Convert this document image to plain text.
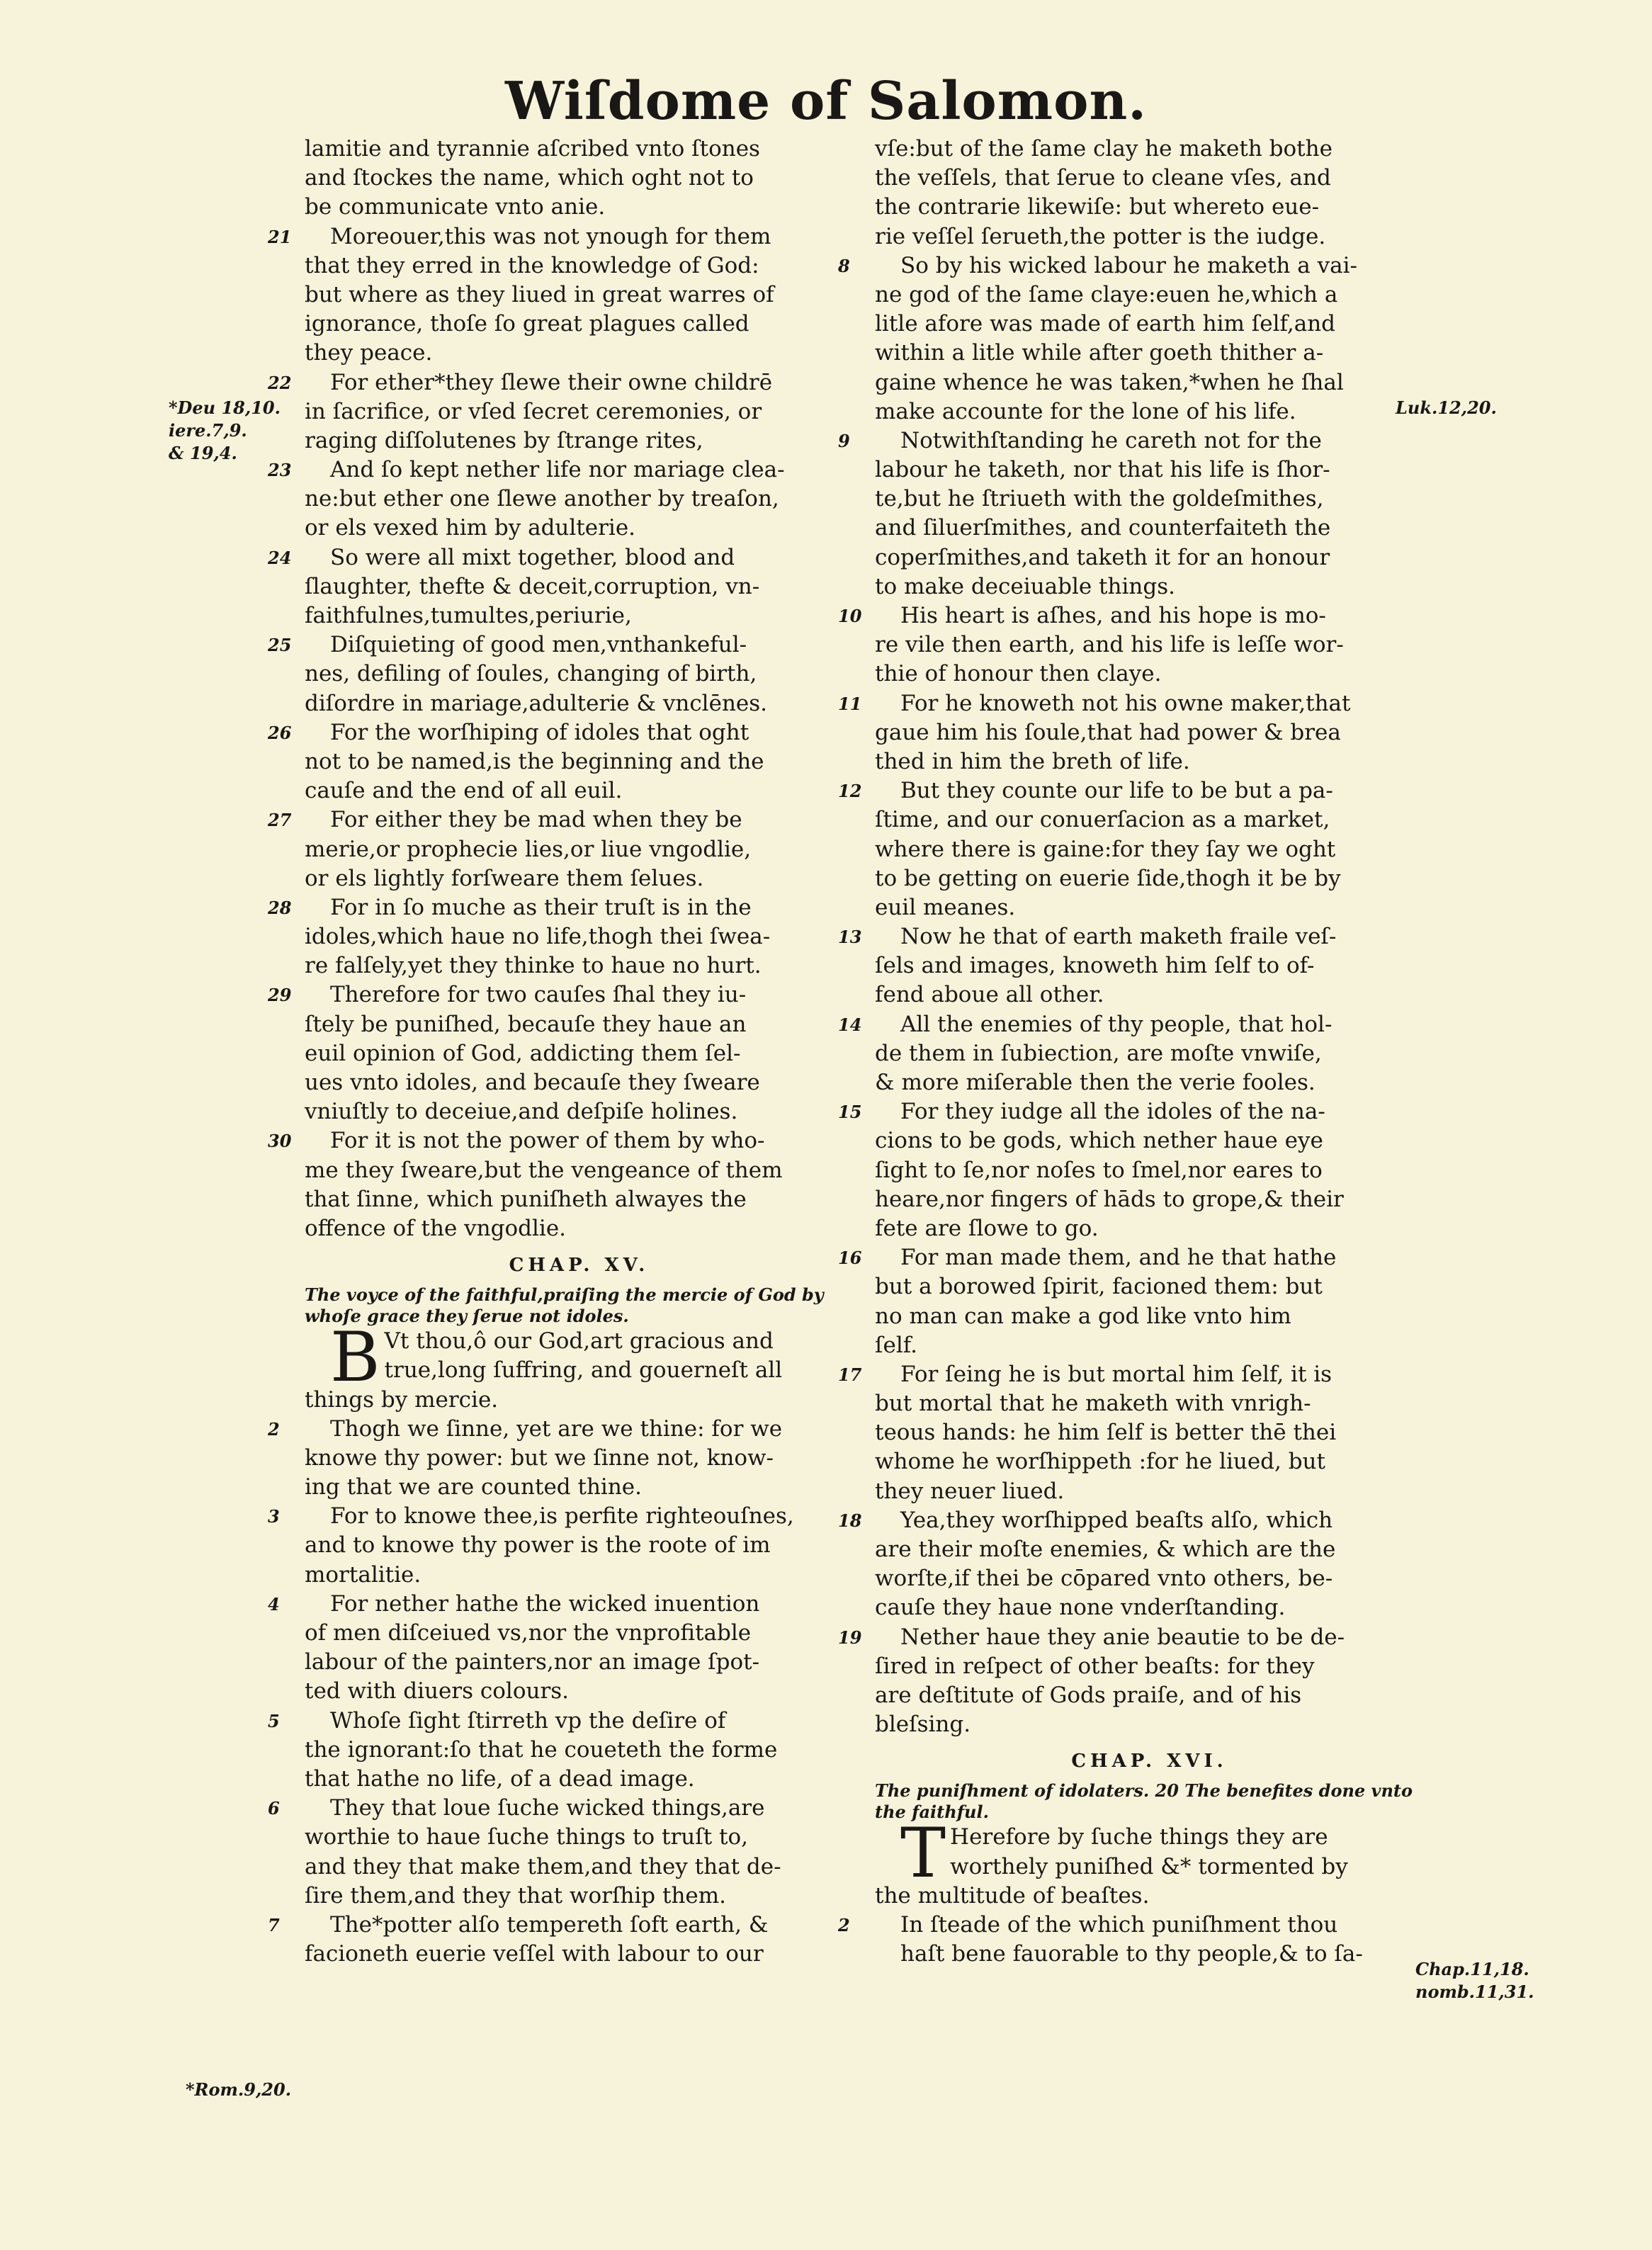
Wiſdome of Salomon.
lamitie and tyrannie aſcribed vnto ſtones
and ſtockes the name, which oght not to
be communicate vnto anie.
21 Moreouer,this was not ynough for them
that they erred in the knowledge of God:
but where as they liued in great warres of
ignorance, thoſe ſo great plagues called
they peace.
22 For ether*they ſlewe their owne childrē
in ſacrifice, or vſed ſecret ceremonies, or
raging diſſolutenes by ſtrange rites,
23 And ſo kept nether life nor mariage clea-
ne:but ether one ſlewe another by treaſon,
or els vexed him by adulterie.
24 So were all mixt together, blood and
ſlaughter, thefte & deceit,corruption, vn-
faithfulnes,tumultes,periurie,
25 Diſquieting of good men,vnthankeful-
nes, defiling of ſoules, changing of birth,
diſordre in mariage,adulterie & vnclēnes.
26 For the worſhiping of idoles that oght
not to be named,is the beginning and the
cauſe and the end of all euil.
27 For either they be mad when they be
merie,or prophecie lies,or liue vngodlie,
or els lightly forſweare them ſelues.
28 For in ſo muche as their truſt is in the
idoles,which haue no life,thogh thei ſwea-
re falſely,yet they thinke to haue no hurt.
29 Therefore for two cauſes ſhal they iu-
ſtely be puniſhed, becauſe they haue an
euil opinion of God, addicting them ſel-
ues vnto idoles, and becauſe they ſweare
vniuſtly to deceiue,and deſpiſe holines.
30 For it is not the power of them by who-
me they ſweare,but the vengeance of them
that ſinne, which puniſheth alwayes the
offence of the vngodlie.
CHAP. XV.
The voyce of the faithful,praiſing the mercie of God by
whoſe grace they ſerue not idoles.
B Vt thou,ô our God,art gracious and
true,long ſuffring, and gouerneſt all
things by mercie.
2 Thogh we ſinne, yet are we thine: for we
knowe thy power: but we ſinne not, know-
ing that we are counted thine.
3 For to knowe thee,is perfite righteouſnes,
and to knowe thy power is the roote of im
mortalitie.
4 For nether hathe the wicked inuention
of men diſceiued vs,nor the vnprofitable
labour of the painters,nor an image ſpot-
ted with diuers colours.
5 Whoſe ſight ſtirreth vp the deſire of
the ignorant:ſo that he coueteth the forme
that hathe no life, of a dead image.
6 They that loue ſuche wicked things,are
worthie to haue ſuche things to truſt to,
and they that make them,and they that de-
ſire them,and they that worſhip them.
7 The*potter alſo tempereth ſoft earth, &
facioneth euerie veſſel with labour to our
vſe:but of the ſame clay he maketh bothe
the veſſels, that ſerue to cleane vſes, and
the contrarie likewiſe: but whereto eue-
rie veſſel ſerueth,the potter is the iudge.
8 So by his wicked labour he maketh a vai-
ne god of the ſame claye:euen he,which a
litle afore was made of earth him ſelf,and
within a litle while after goeth thither a-
gaine whence he was taken,*when he ſhal
make accounte for the lone of his life.
9 Notwithſtanding he careth not for the
labour he taketh, nor that his life is ſhor-
te,but he ſtriueth with the goldeſmithes,
and ſiluerſmithes, and counterfaiteth the
coperſmithes,and taketh it for an honour
to make deceiuable things.
10 His heart is aſhes, and his hope is mo-
re vile then earth, and his life is leſſe wor-
thie of honour then claye.
11 For he knoweth not his owne maker,that
gaue him his ſoule,that had power & brea
thed in him the breth of life.
12 But they counte our life to be but a pa-
ſtime, and our conuerſacion as a market,
where there is gaine:for they ſay we oght
to be getting on euerie ſide,thogh it be by
euil meanes.
13 Now he that of earth maketh fraile veſ-
ſels and images, knoweth him ſelf to of-
fend aboue all other.
14 All the enemies of thy people, that hol-
de them in ſubiection, are moſte vnwiſe,
& more miſerable then the verie fooles.
15 For they iudge all the idoles of the na-
cions to be gods, which nether haue eye
ſight to ſe,nor noſes to ſmel,nor eares to
heare,nor fingers of hāds to grope,& their
fete are ſlowe to go.
16 For man made them, and he that hathe
but a borowed ſpirit, facioned them: but
no man can make a god like vnto him
ſelf.
17 For ſeing he is but mortal him ſelf, it is
but mortal that he maketh with vnrigh-
teous hands: he him ſelf is better thē thei
whome he worſhippeth :for he liued, but
they neuer liued.
18 Yea,they worſhipped beaſts alſo, which
are their moſte enemies, & which are the
worſte,if thei be cōpared vnto others, be-
cauſe they haue none vnderſtanding.
19 Nether haue they anie beautie to be de-
ſired in reſpect of other beaſts: for they
are deſtitute of Gods praiſe, and of his
bleſsing.
CHAP. XVI.
The puniſhment of idolaters. 20 The benefites done vnto
the faithful.
T Herefore by ſuche things they are
worthely puniſhed &* tormented by
the multitude of beaſtes.
2 In ſteade of the which puniſhment thou
haſt bene fauorable to thy people,& to ſa-
*Deu 18,10.
iere.7,9.
& 19,4.
Luk.12,20.
*Rom.9,20.
Chap.11,18.
nomb.11,31.
